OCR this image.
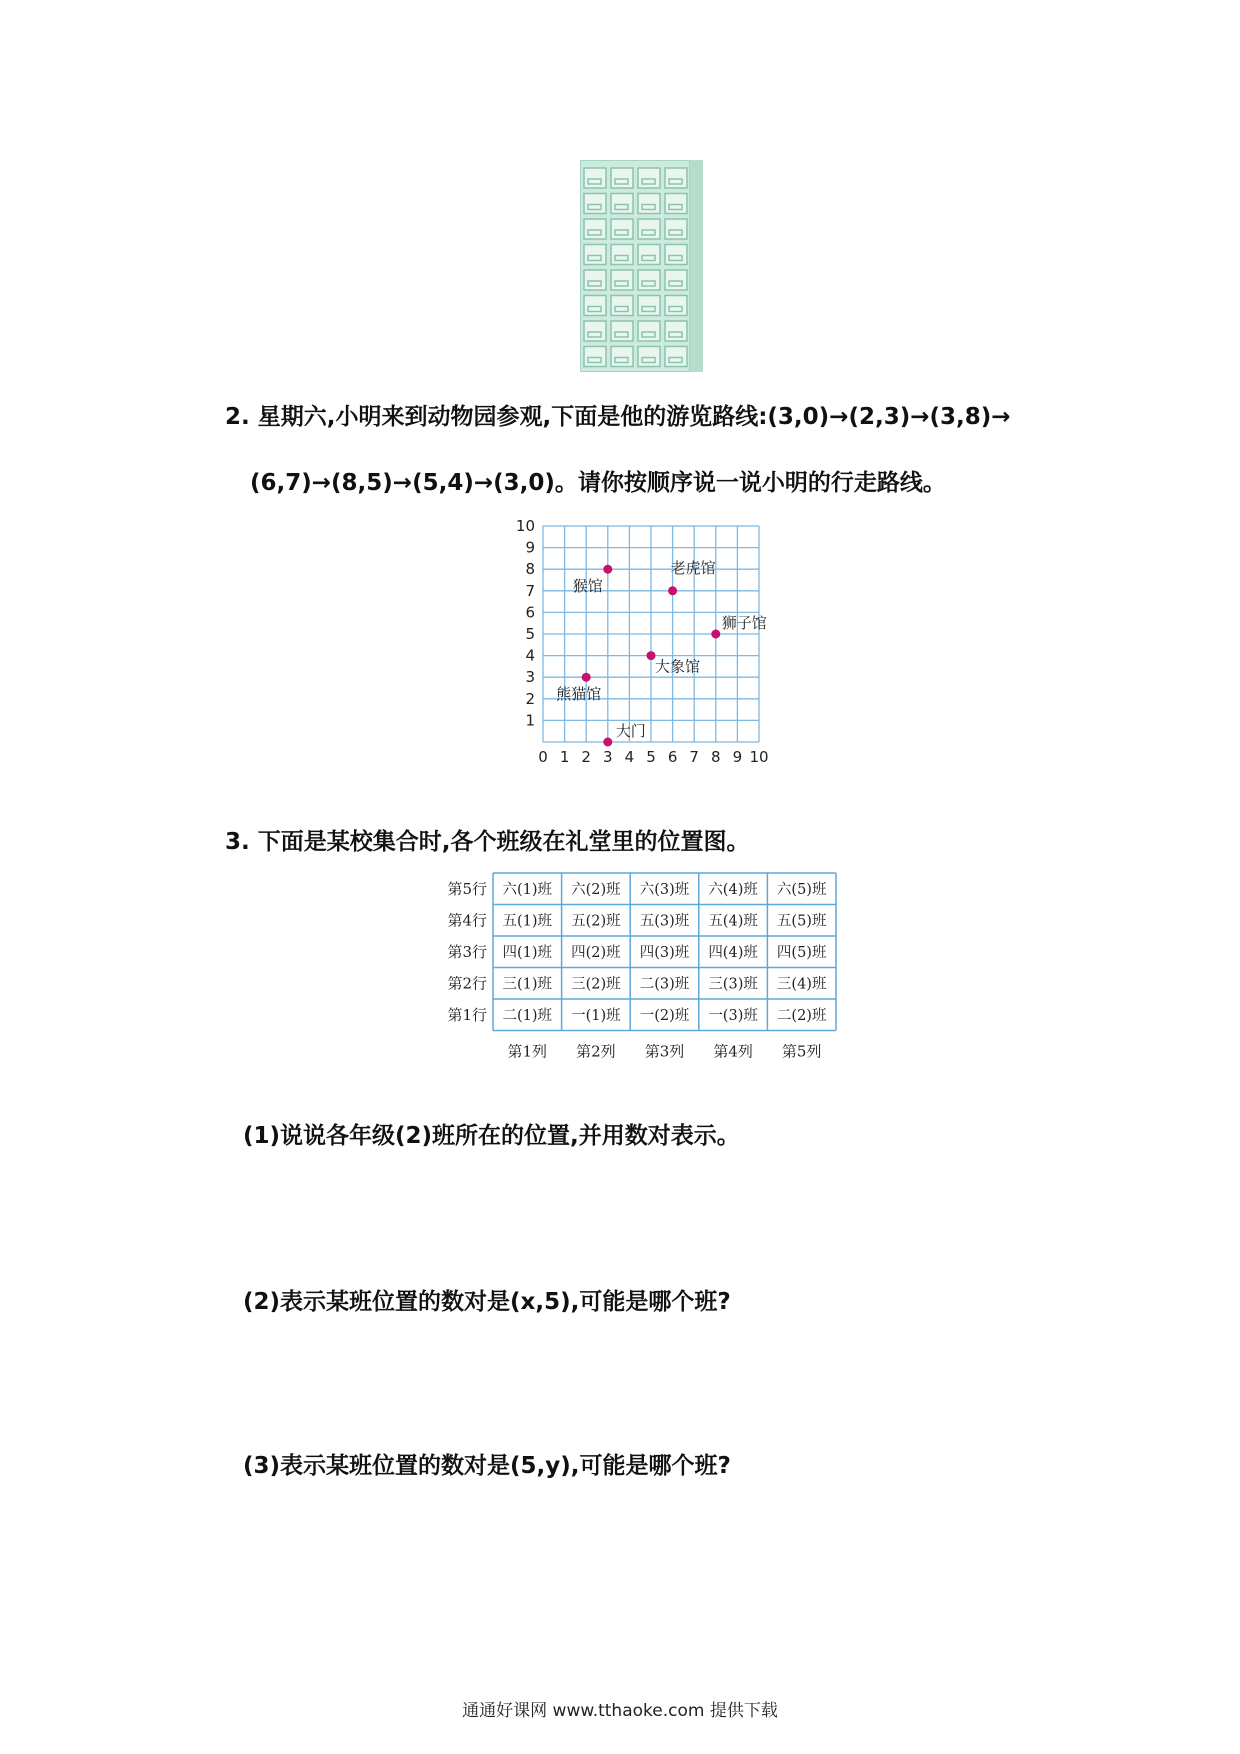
2. 星期六,小明来到动物园参观,下面是他的游览路线:(3,0)→(2,3)→(3,8)→
(6,7)→(8,5)→(5,4)→(3,0)。请你按顺序说一说小明的行走路线。
0 1 2 3 4 5 6 7 8 9 10
1
2
3
4
5
6
7
8
9
10
猴馆
老虎馆
狮子馆
大象馆
熊猫馆
大门
3. 下面是某校集合时,各个班级在礼堂里的位置图。
第5行
第4行
第3行
第2行
第1行
第1列 第2列 第3列 第4列 第5列
六(1)班 六(2)班 六(3)班 六(4)班 六(5)班
五(1)班 五(2)班 五(3)班 五(4)班 五(5)班
四(1)班 四(2)班 四(3)班 四(4)班 四(5)班
三(1)班 三(2)班 二(3)班 三(3)班 三(4)班
二(1)班 一(1)班 一(2)班 一(3)班 二(2)班
(1)说说各年级(2)班所在的位置,并用数对表示。
(2)表示某班位置的数对是(x,5),可能是哪个班?
(3)表示某班位置的数对是(5,y),可能是哪个班?
通通好课网 www.tthaoke.com 提供下载
